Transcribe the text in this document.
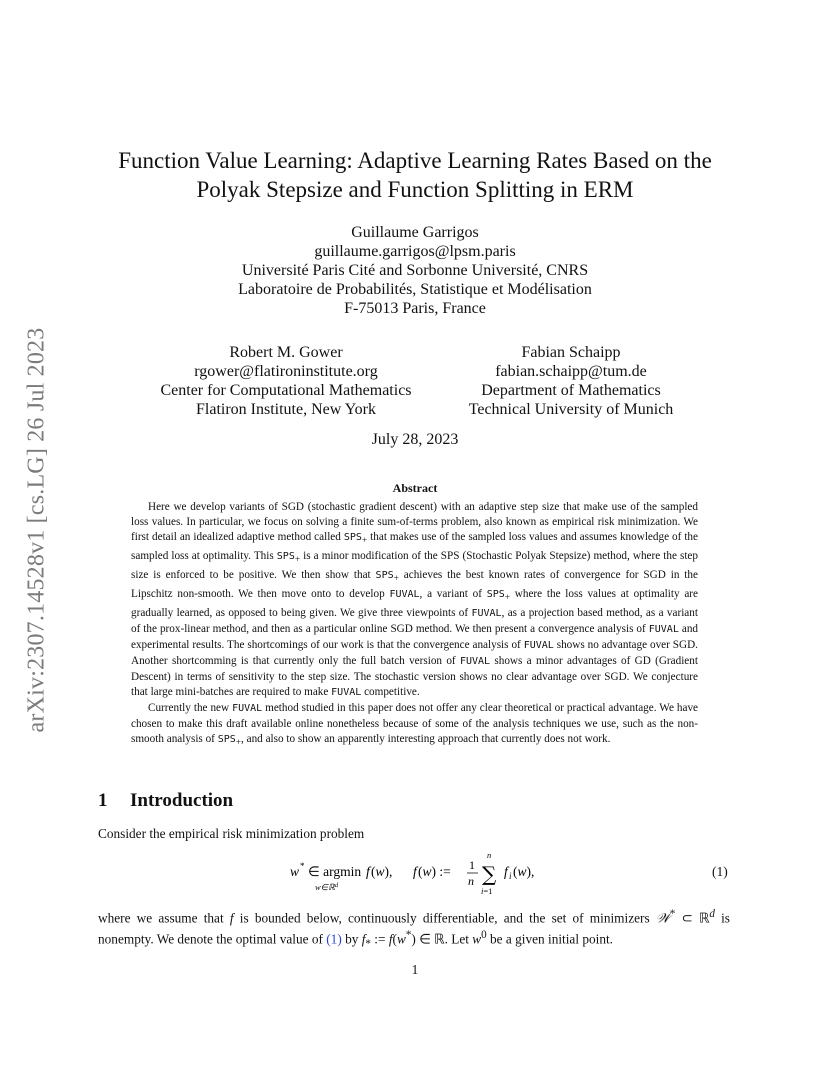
arXiv:2307.14528v1 [cs.LG] 26 Jul 2023
Function Value Learning: Adaptive Learning Rates Based on the
Polyak Stepsize and Function Splitting in ERM
Guillaume Garrigos
guillaume.garrigos@lpsm.paris
Université Paris Cité and Sorbonne Université, CNRS
Laboratoire de Probabilités, Statistique et Modélisation
F-75013 Paris, France
Robert M. Gower
rgower@flatironinstitute.org
Center for Computational Mathematics
Flatiron Institute, New York
Fabian Schaipp
fabian.schaipp@tum.de
Department of Mathematics
Technical University of Munich
July 28, 2023
Abstract

Here we develop variants of SGD (stochastic gradient descent) with an adaptive step size that make use of the sampled loss values. In particular, we focus on solving a finite sum-of-terms problem, also known as empirical risk minimization. We first detail an idealized adaptive method called $SPS_+$ that makes use of the sampled loss values and assumes knowledge of the sampled loss at optimality. This $SPS_+$ is a minor modification of the SPS (Stochastic Polyak Stepsize) method, where the step size is enforced to be positive. We then show that $SPS_+$ achieves the best known rates of convergence for SGD in the Lipschitz non-smooth. We then move onto to develop FUVAL, a variant of $SPS_+$ where the loss values at optimality are gradually learned, as opposed to being given. We give three viewpoints of FUVAL, as a projection based method, as a variant of the prox-linear method, and then as a particular online SGD method. We then present a convergence analysis of FUVAL and experimental results. The shortcomings of our work is that the convergence analysis of FUVAL shows no advantage over SGD. Another shortcomming is that currently only the full batch version of FUVAL shows a minor advantages of GD (Gradient Descent) in terms of sensitivity to the step size. The stochastic version shows no clear advantage over SGD. We conjecture that large mini-batches are required to make FUVAL competitive.

Currently the new FUVAL method studied in this paper does not offer any clear theoretical or practical advantage. We have chosen to make this draft available online nonetheless because of some of the analysis techniques we use, such as the non-smooth analysis of $SPS_+$, and also to show an apparently interesting approach that currently does not work.

1 Introduction
Consider the empirical risk minimization problem
w * ∈ argmin
w∈ℝ$^d$
f (w), f (w) := 1
n
n
∑
i=1
f i (w),	(1)
where we assume that f is bounded below, continuously differentiable, and the set of minimizers 𝒲* ⊂ ℝ$^d$ is nonempty. We denote the optimal value of (1) by $f_*$ := f(w*) ∈ ℝ. Let $w^0$ be a given initial point.
1
